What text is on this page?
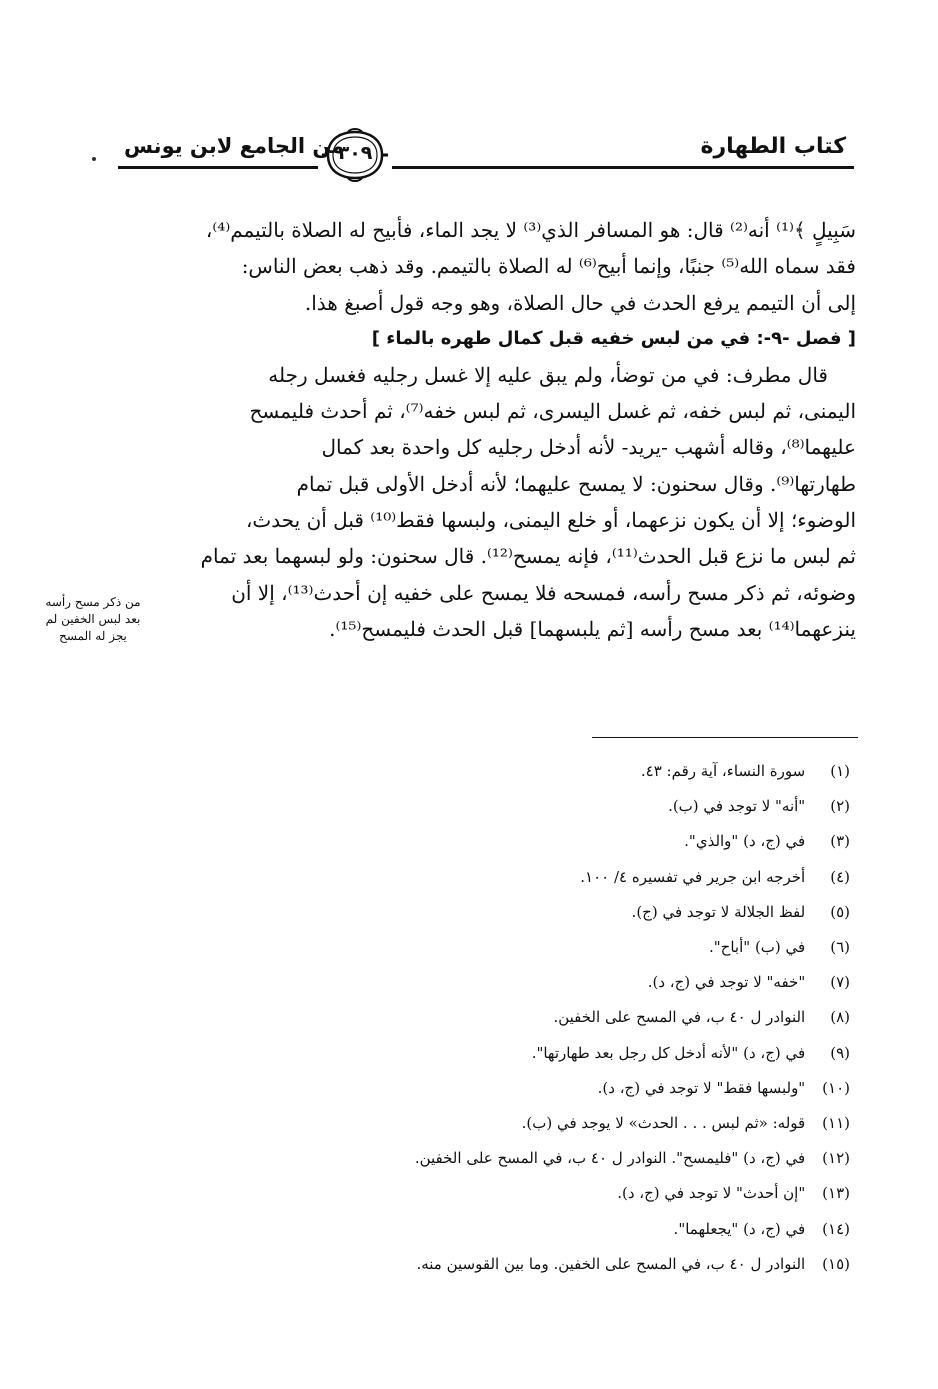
كتاب الطهارة
من الجامع لابن يونس
٣٠٩

سَبِيلٍ ﴾⁽¹⁾ أنه⁽²⁾ قال: هو المسافر الذي⁽³⁾ لا يجد الماء، فأبيح له الصلاة بالتيمم⁽⁴⁾،
فقد سماه الله⁽⁵⁾ جنبًا، وإنما أبيح⁽⁶⁾ له الصلاة بالتيمم. وقد ذهب بعض الناس:
إلى أن التيمم يرفع الحدث في حال الصلاة، وهو وجه قول أصبغ هذا.

[ فصل -٩-: في من لبس خفيه قبل كمال طهره بالماء ]

قال مطرف: في من توضأ، ولم يبق عليه إلا غسل رجليه فغسل رجله
اليمنى، ثم لبس خفه، ثم غسل اليسرى، ثم لبس خفه⁽⁷⁾، ثم أحدث فليمسح
عليهما⁽⁸⁾، وقاله أشهب -يريد- لأنه أدخل رجليه كل واحدة بعد كمال
طهارتها⁽⁹⁾. وقال سحنون: لا يمسح عليهما؛ لأنه أدخل الأولى قبل تمام
الوضوء؛ إلا أن يكون نزعهما، أو خلع اليمنى، ولبسها فقط⁽¹⁰⁾ قبل أن يحدث،
ثم لبس ما نزع قبل الحدث⁽¹¹⁾، فإنه يمسح⁽¹²⁾. قال سحنون: ولو لبسهما بعد تمام
وضوئه، ثم ذكر مسح رأسه، فمسحه فلا يمسح على خفيه إن أحدث⁽¹³⁾، إلا أن
ينزعهما⁽¹⁴⁾ بعد مسح رأسه [ثم يلبسهما] قبل الحدث فليمسح⁽¹⁵⁾.

من ذكر مسح رأسه
بعد لبس الخفين لم
يجز له المسح
(١) سورة النساء، آية رقم: ٤٣.
(٢) "أنه" لا توجد في (ب).
(٣) في (ج، د) "والذي".
(٤) أخرجه ابن جرير في تفسيره ٤/ ١٠٠.
(٥) لفظ الجلالة لا توجد في (ج).
(٦) في (ب) "أباح".
(٧) "خفه" لا توجد في (ج، د).
(٨) النوادر ل ٤٠ ب، في المسح على الخفين.
(٩) في (ج، د) "لأنه أدخل كل رجل بعد طهارتها".
(١٠) "ولبسها فقط" لا توجد في (ج، د).
(١١) قوله: «ثم لبس . . . الحدث» لا يوجد في (ب).
(١٢) في (ج، د) "فليمسح". النوادر ل ٤٠ ب، في المسح على الخفين.
(١٣) "إن أحدث" لا توجد في (ج، د).
(١٤) في (ج، د) "يجعلهما".
(١٥) النوادر ل ٤٠ ب، في المسح على الخفين. وما بين القوسين منه.
